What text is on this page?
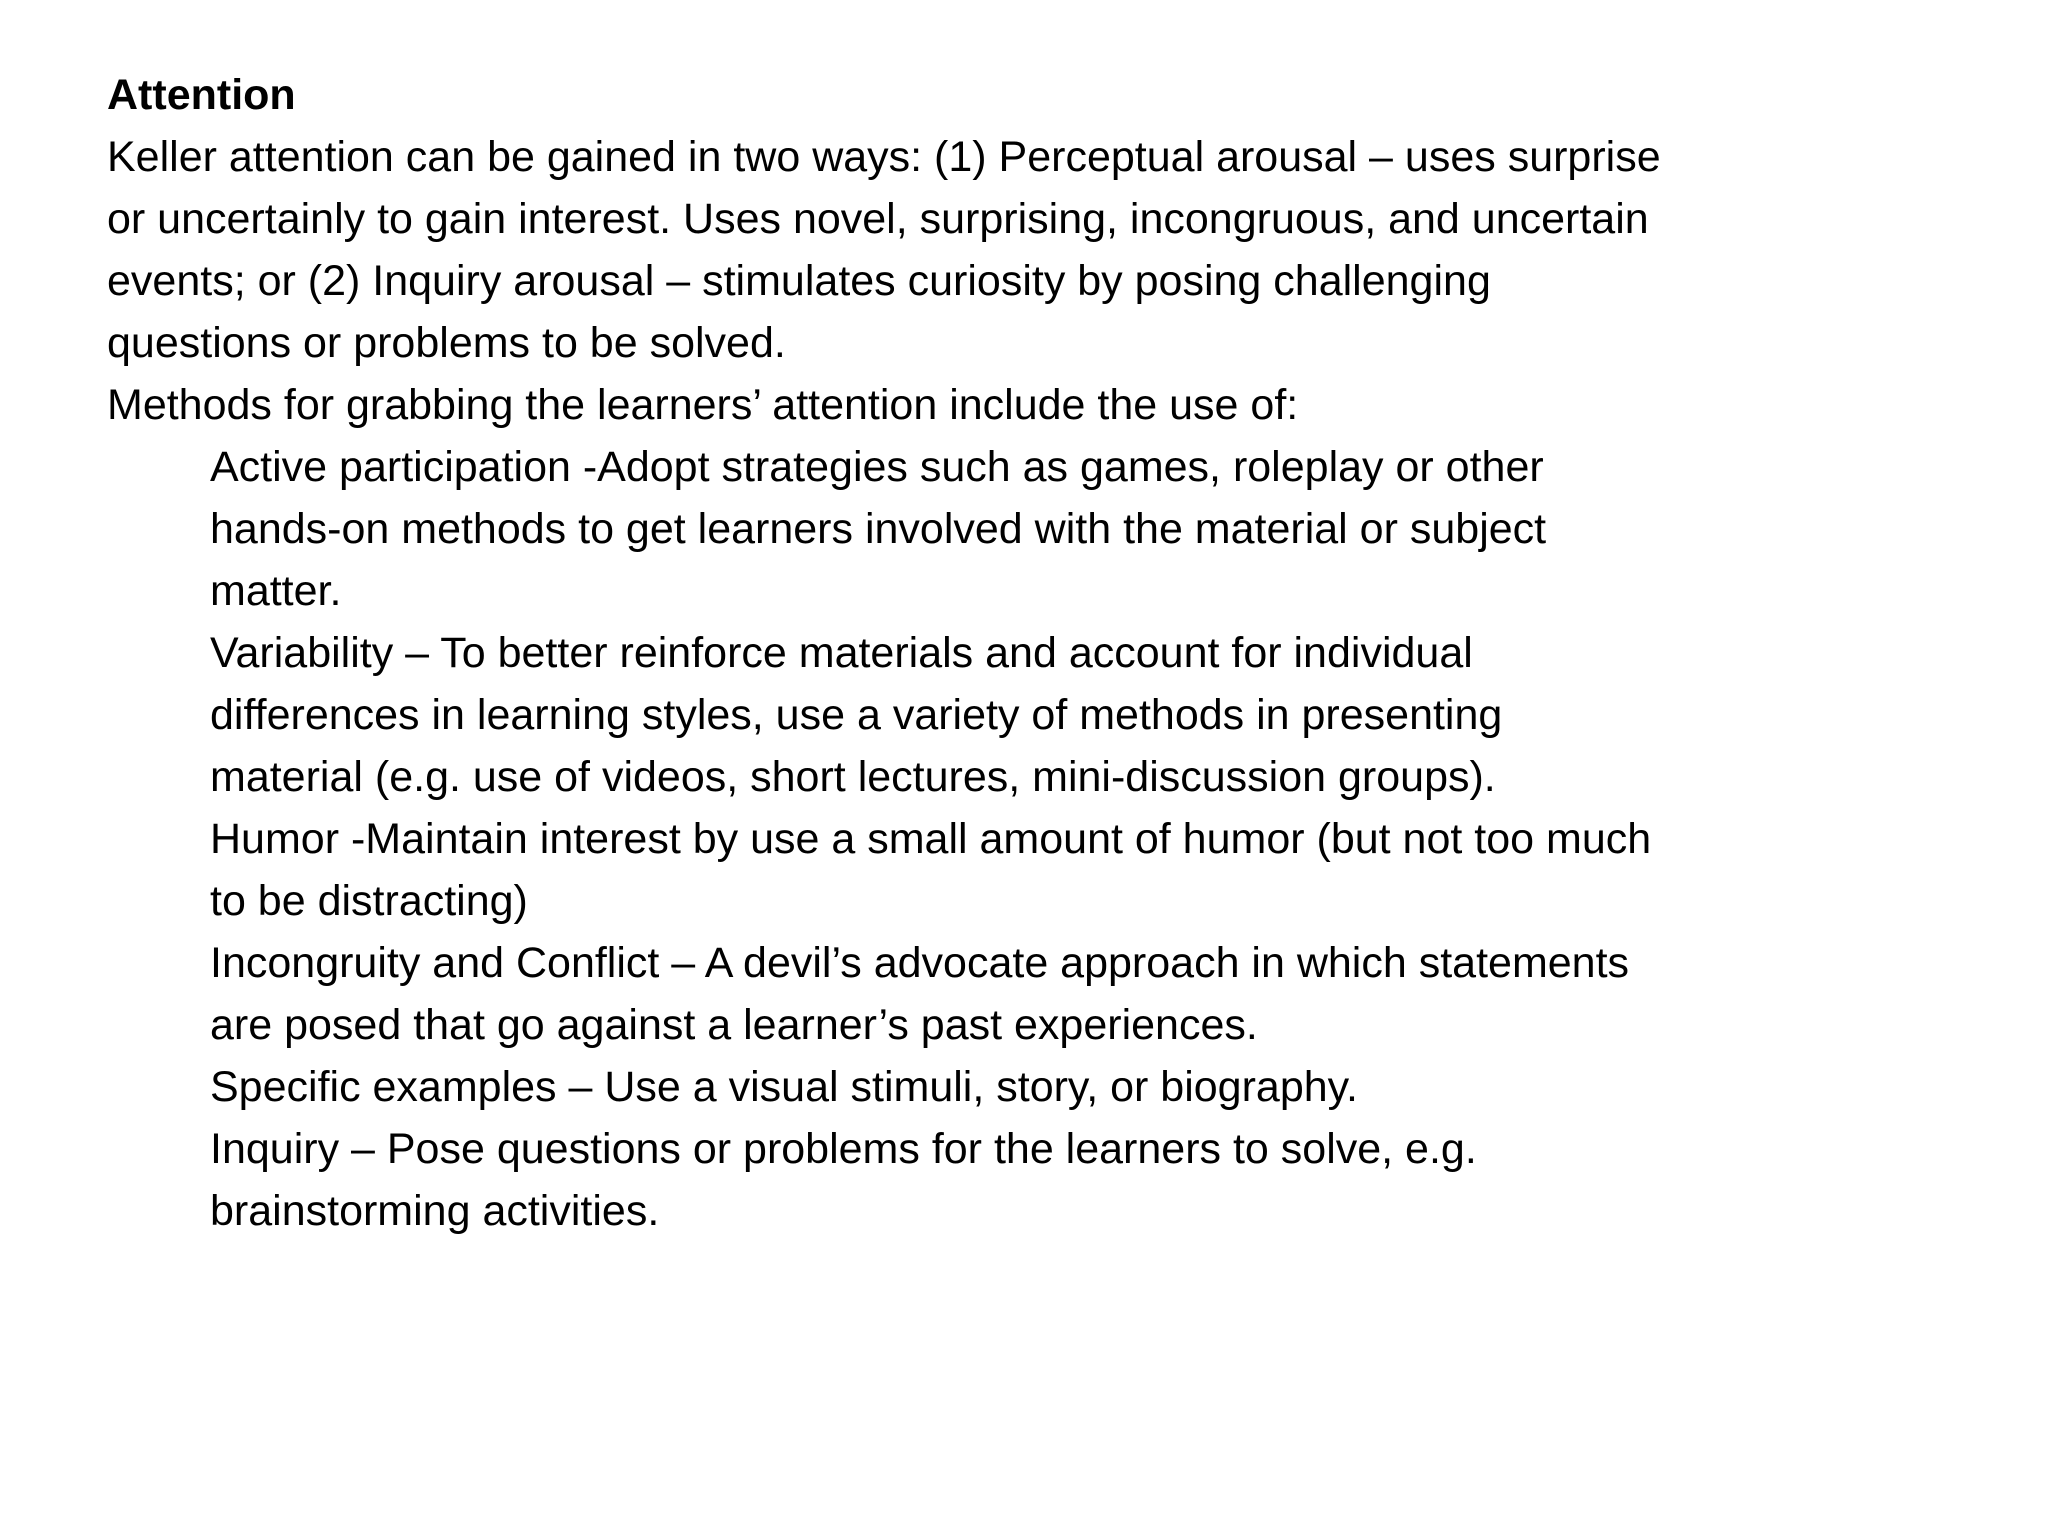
Attention

Keller attention can be gained in two ways: (1) Perceptual arousal – uses surprise or uncertainly to gain interest. Uses novel, surprising, incongruous, and uncertain events; or (2) Inquiry arousal – stimulates curiosity by posing challenging questions or problems to be solved.

Methods for grabbing the learners’ attention include the use of:

Active participation -Adopt strategies such as games, roleplay or other hands-on methods to get learners involved with the material or subject matter.
Variability – To better reinforce materials and account for individual differences in learning styles, use a variety of methods in presenting material (e.g. use of videos, short lectures, mini-discussion groups).
Humor -Maintain interest by use a small amount of humor (but not too much to be distracting)
Incongruity and Conflict – A devil’s advocate approach in which statements are posed that go against a learner’s past experiences.
Specific examples – Use a visual stimuli, story, or biography.
Inquiry – Pose questions or problems for the learners to solve, e.g. brainstorming activities.
